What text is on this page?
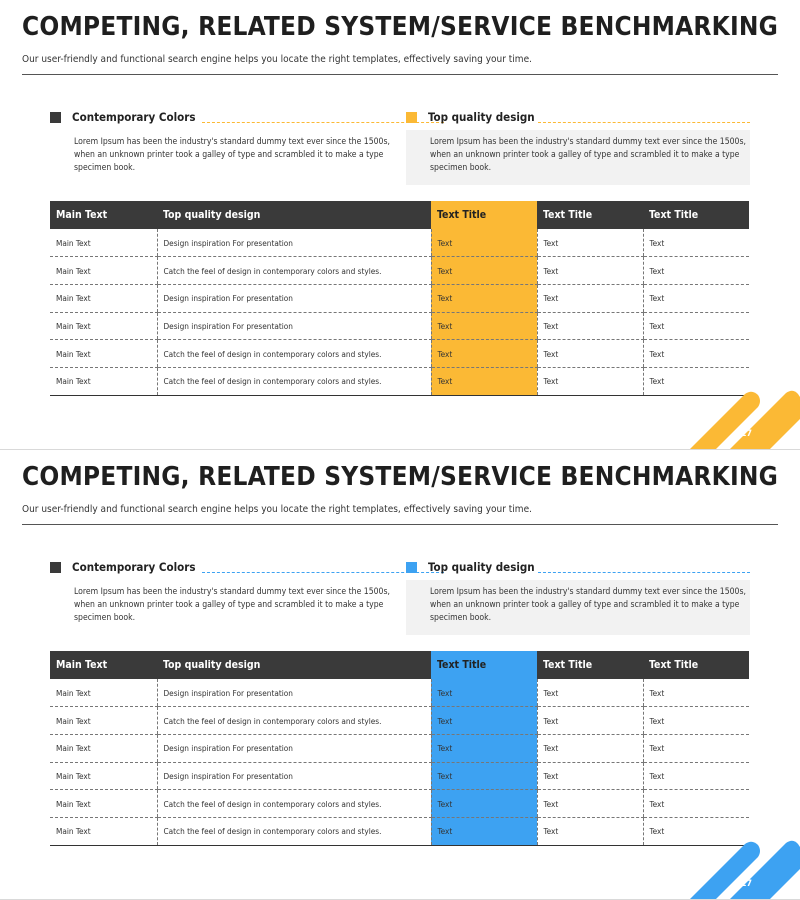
COMPETING, RELATED SYSTEM/SERVICE BENCHMARKING
Our user-friendly and functional search engine helps you locate the right templates, effectively saving your time.
Contemporary Colors
Lorem Ipsum has been the industry's standard dummy text ever since the 1500s, when an unknown printer took a galley of type and scrambled it to make a type specimen book.
Top quality design
Lorem Ipsum has been the industry's standard dummy text ever since the 1500s, when an unknown printer took a galley of type and scrambled it to make a type specimen book.
Main Text	Top quality design	Text Title	Text Title	Text Title
Main Text	Design inspiration For presentation	Text	Text	Text
Main Text	Catch the feel of design in contemporary colors and styles.	Text	Text	Text
Main Text	Design inspiration For presentation	Text	Text	Text
Main Text	Design inspiration For presentation	Text	Text	Text
Main Text	Catch the feel of design in contemporary colors and styles.	Text	Text	Text
Main Text	Catch the feel of design in contemporary colors and styles.	Text	Text	Text
17
COMPETING, RELATED SYSTEM/SERVICE BENCHMARKING
Our user-friendly and functional search engine helps you locate the right templates, effectively saving your time.
Contemporary Colors
Lorem Ipsum has been the industry's standard dummy text ever since the 1500s, when an unknown printer took a galley of type and scrambled it to make a type specimen book.
Top quality design
Lorem Ipsum has been the industry's standard dummy text ever since the 1500s, when an unknown printer took a galley of type and scrambled it to make a type specimen book.
Main Text	Top quality design	Text Title	Text Title	Text Title
Main Text	Design inspiration For presentation	Text	Text	Text
Main Text	Catch the feel of design in contemporary colors and styles.	Text	Text	Text
Main Text	Design inspiration For presentation	Text	Text	Text
Main Text	Design inspiration For presentation	Text	Text	Text
Main Text	Catch the feel of design in contemporary colors and styles.	Text	Text	Text
Main Text	Catch the feel of design in contemporary colors and styles.	Text	Text	Text
17
